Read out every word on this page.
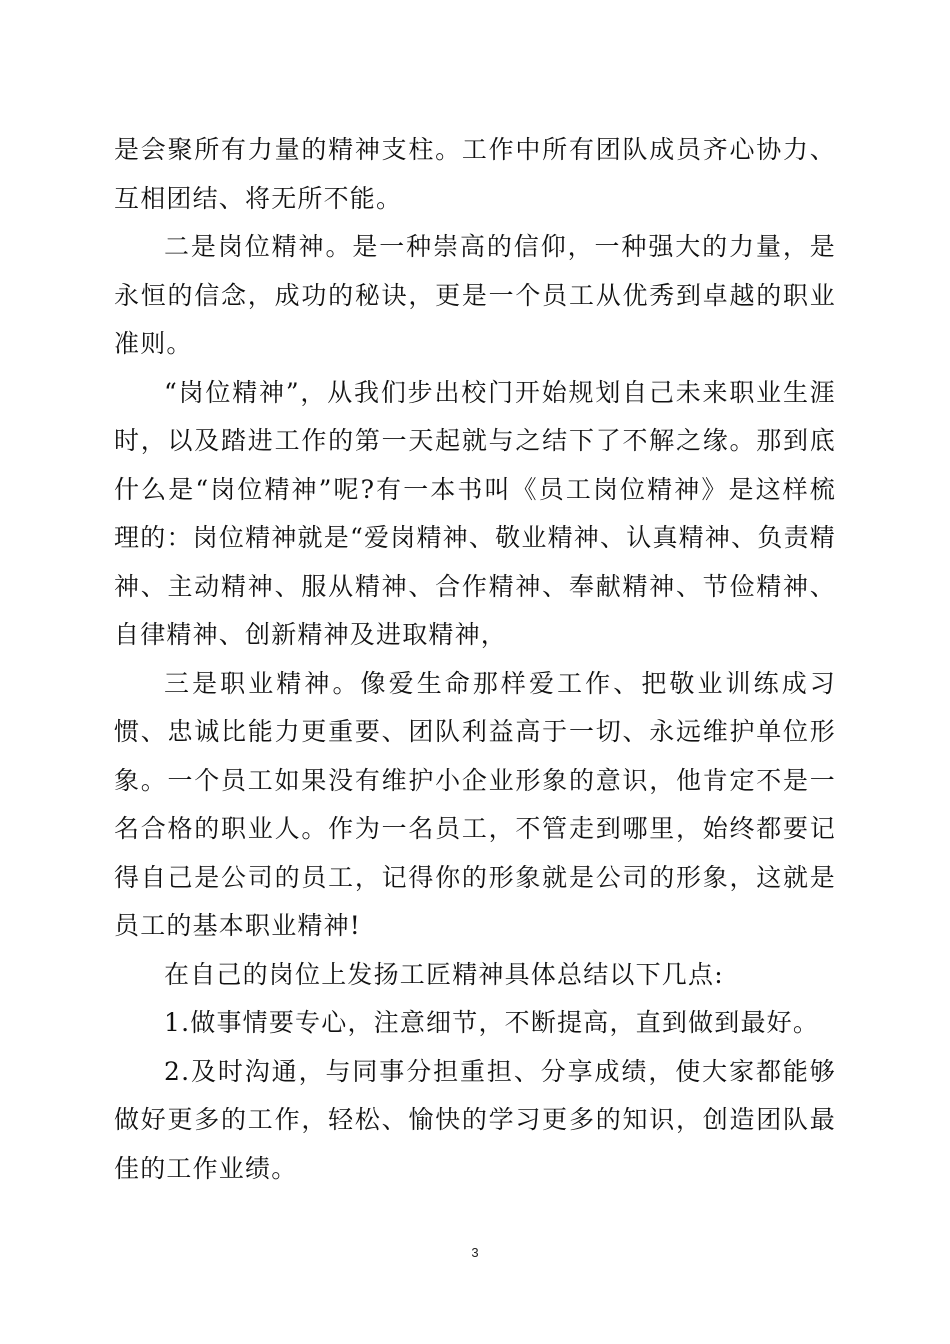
是会聚所有力量的精神支柱。工作中所有团队成员齐心协力、互相团结、将无所不能。

二是岗位精神。是一种崇高的信仰，一种强大的力量，是永恒的信念，成功的秘诀，更是一个员工从优秀到卓越的职业准则。

“岗位精神”，从我们步出校门开始规划自己未来职业生涯时，以及踏进工作的第一天起就与之结下了不解之缘。那到底什么是“岗位精神”呢?有一本书叫《员工岗位精神》是这样梳理的：岗位精神就是“爱岗精神、敬业精神、认真精神、负责精神、主动精神、服从精神、合作精神、奉献精神、节俭精神、自律精神、创新精神及进取精神，

三是职业精神。像爱生命那样爱工作、把敬业训练成习惯、忠诚比能力更重要、团队利益高于一切、永远维护单位形象。一个员工如果没有维护小企业形象的意识，他肯定不是一名合格的职业人。作为一名员工，不管走到哪里，始终都要记得自己是公司的员工，记得你的形象就是公司的形象，这就是员工的基本职业精神!

在自己的岗位上发扬工匠精神具体总结以下几点:

1.做事情要专心，注意细节，不断提高，直到做到最好。

2.及时沟通，与同事分担重担、分享成绩，使大家都能够做好更多的工作，轻松、愉快的学习更多的知识，创造团队最佳的工作业绩。

3
